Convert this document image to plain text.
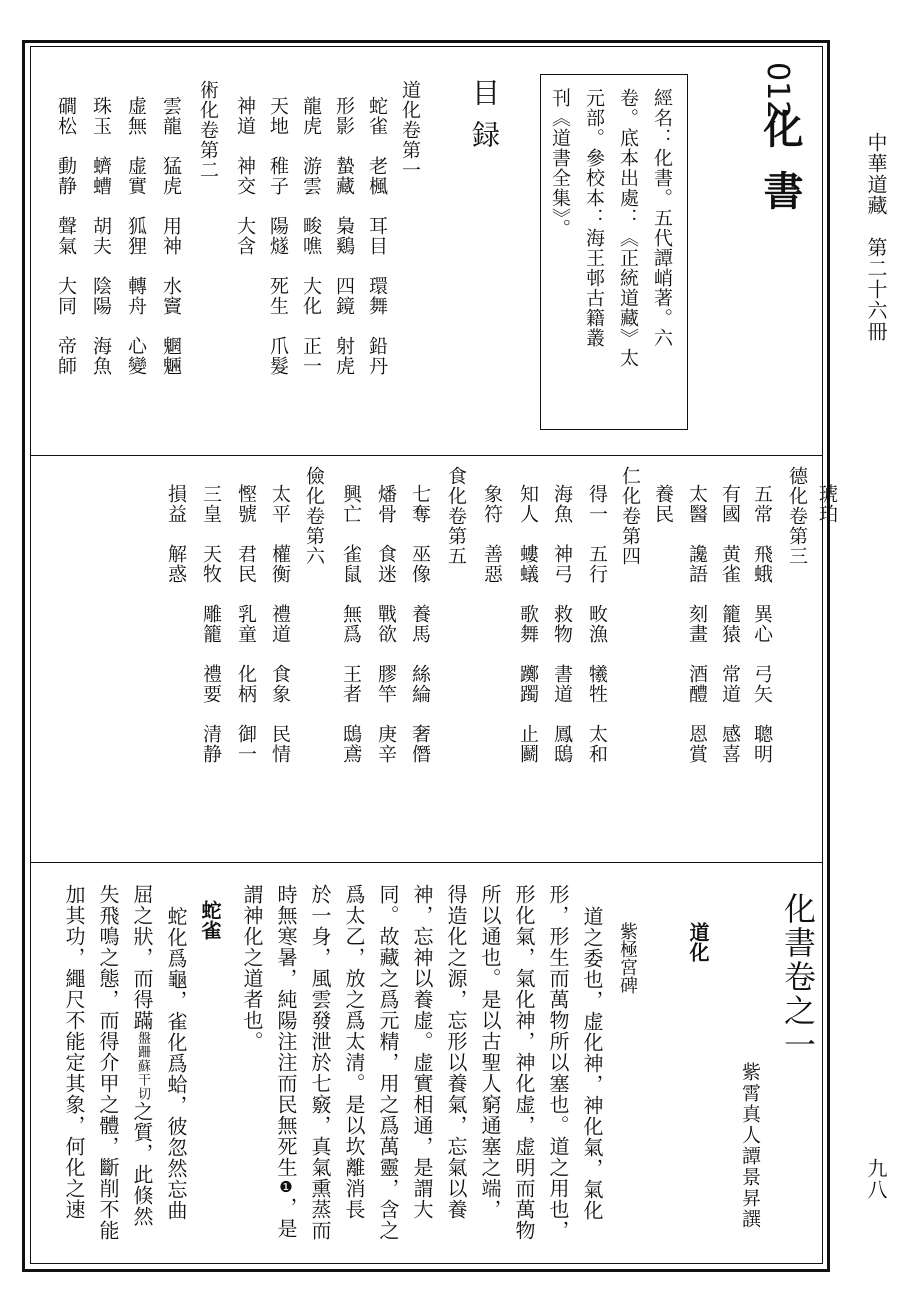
中華道藏　第二十六冊
九八
012
化書
經名：化書。五代譚峭著。六
卷。底本出處：《正統道藏》太
元部。參校本：海王邨古籍叢
刊《道書全集》。
目録
道化卷第一
蛇雀　老楓　耳目　環舞　鉛丹
形影　蟄藏　梟鷄　四鏡　射虎
龍虎　游雲　畯噍　大化　正一
天地　稚子　陽燧　死生　爪髮
神道　神交　大含
術化卷第二
雲龍　猛虎　用神　水竇　魍魎
虚無　虚實　狐狸　轉舟　心變
珠玉　蠐螬　胡夫　陰陽　海魚
磵松　動静　聲氣　大同　帝師
琥珀
德化卷第三
五常　飛蛾　異心　弓矢　聰明
有國　黄雀　籠猿　常道　感喜
太醫　讒語　刻畫　酒醴　恩賞
養民
仁化卷第四
得一　五行　畋漁　犧牲　太和
海魚　神弓　救物　書道　鳳鴟
知人　螻蟻　歌舞　躑躅　止鬬
象符　善惡
食化卷第五
七奪　巫像　養馬　絲綸　奢僭
燔骨　食迷　戰欲　膠竿　庚辛
興亡　雀鼠　無爲　王者　鴟鳶
儉化卷第六
太平　權衡　禮道　食象　民情
慳號　君民　乳童　化柄　御一
三皇　天牧　雕籠　禮要　清静
損益　解惑
化書卷之一
紫霄真人譚景昇譔
道化
紫極宮碑
道之委也，虚化神，神化氣，氣化
形，形生而萬物所以塞也。道之用也，
形化氣，氣化神，神化虚，虚明而萬物
所以通也。是以古聖人窮通塞之端，
得造化之源，忘形以養氣，忘氣以養
神，忘神以養虚。虚實相通，是謂大
同。故藏之爲元精，用之爲萬靈，含之
爲太乙，放之爲太清。是以坎離消長
於一身，風雲發泄於七竅，真氣熏蒸而
時無寒暑，純陽注注而民無死生❶，是
謂神化之道者也。
蛇雀
蛇化爲龜，雀化爲蛤，彼忽然忘曲
屈之狀，而得蹣盤跚蘇干切之質，此倏然
失飛鳴之態，而得介甲之體，斷削不能
加其功，繩尺不能定其象，何化之速
